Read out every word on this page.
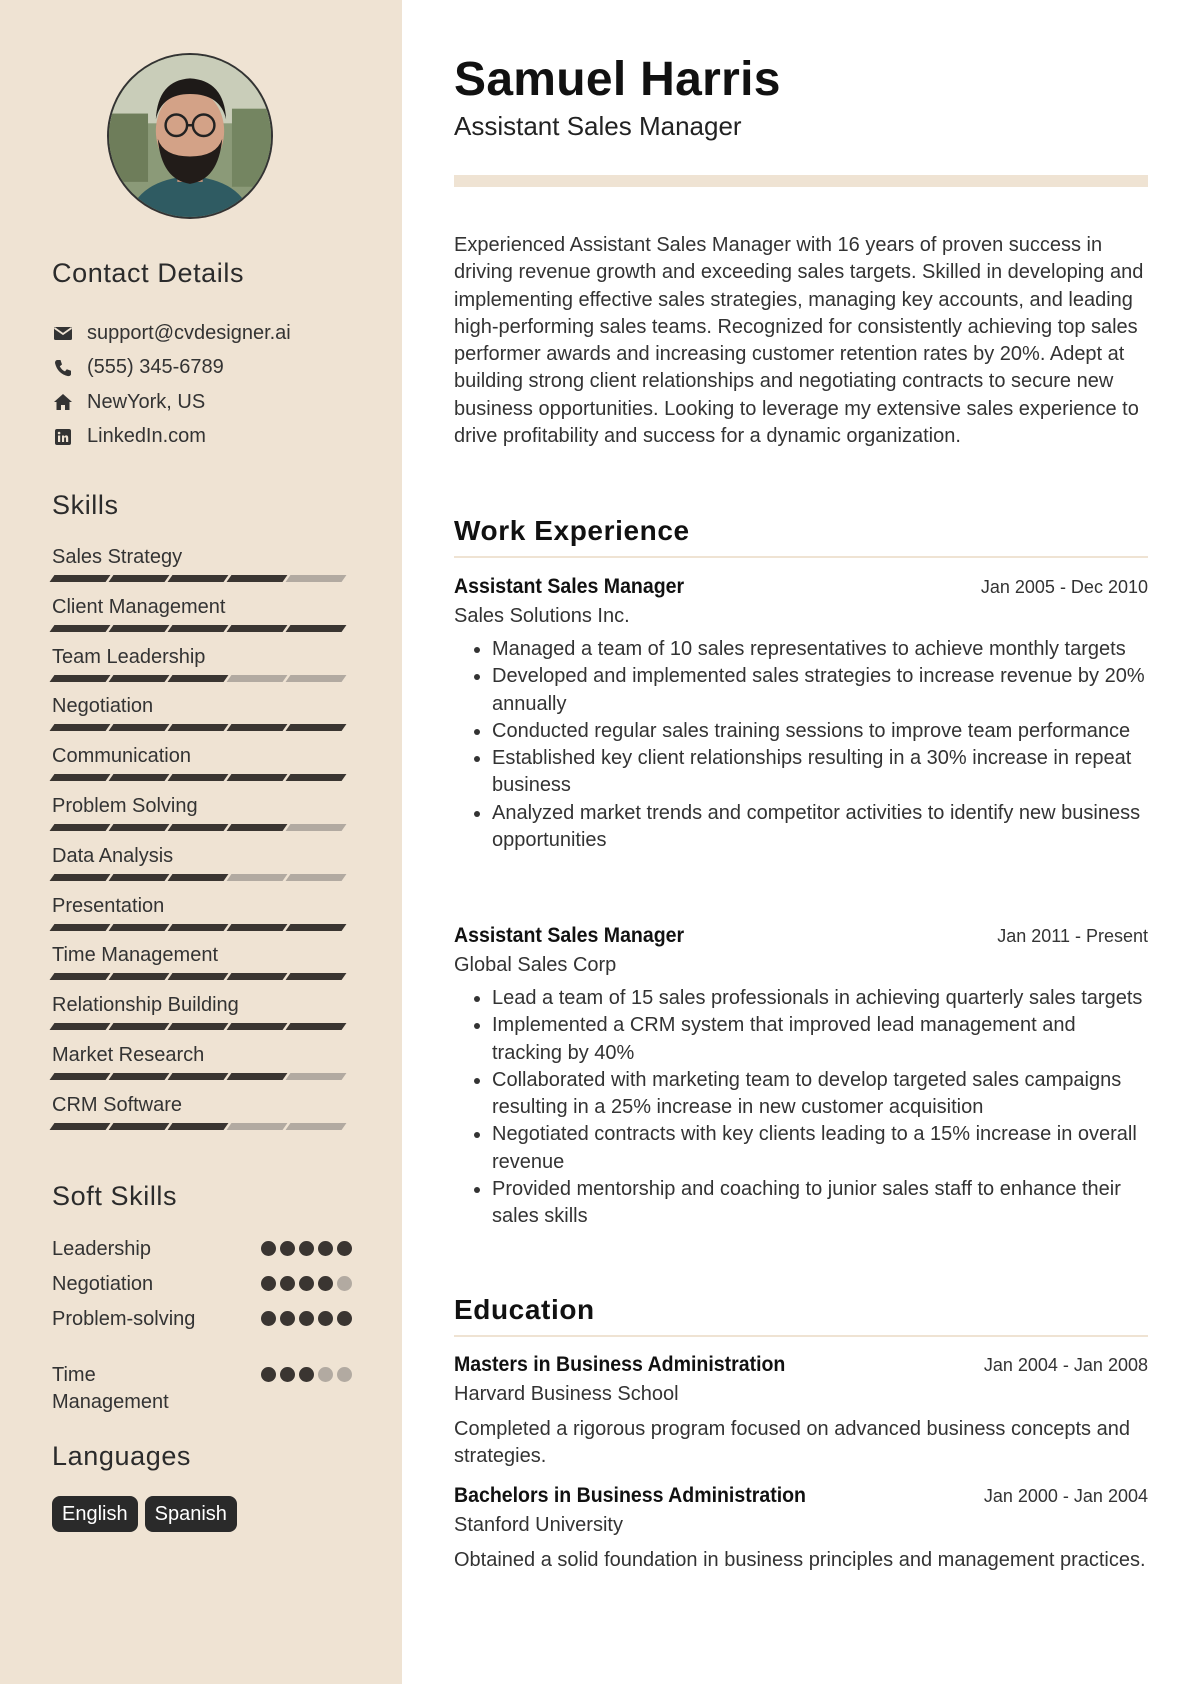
Contact Details
support@cvdesigner.ai
(555) 345-6789
NewYork, US
LinkedIn.com
Skills
Sales Strategy
Client Management
Team Leadership
Negotiation
Communication
Problem Solving
Data Analysis
Presentation
Time Management
Relationship Building
Market Research
CRM Software
Soft Skills
Leadership
Negotiation
Problem-solving
Time Management
Languages
English	Spanish
Samuel Harris
Assistant Sales Manager

Experienced Assistant Sales Manager with 16 years of proven success in driving revenue growth and exceeding sales targets. Skilled in developing and implementing effective sales strategies, managing key accounts, and leading high-performing sales teams. Recognized for consistently achieving top sales performer awards and increasing customer retention rates by 20%. Adept at building strong client relationships and negotiating contracts to secure new business opportunities. Looking to leverage my extensive sales experience to drive profitability and success for a dynamic organization.

Work Experience
Assistant Sales Manager	Jan 2005 - Dec 2010
Sales Solutions Inc.
• Managed a team of 10 sales representatives to achieve monthly targets
• Developed and implemented sales strategies to increase revenue by 20% annually
• Conducted regular sales training sessions to improve team performance
• Established key client relationships resulting in a 30% increase in repeat business
• Analyzed market trends and competitor activities to identify new business opportunities
Assistant Sales Manager	Jan 2011 - Present
Global Sales Corp
• Lead a team of 15 sales professionals in achieving quarterly sales targets
• Implemented a CRM system that improved lead management and tracking by 40%
• Collaborated with marketing team to develop targeted sales campaigns resulting in a 25% increase in new customer acquisition
• Negotiated contracts with key clients leading to a 15% increase in overall revenue
• Provided mentorship and coaching to junior sales staff to enhance their sales skills
Education
Masters in Business Administration	Jan 2004 - Jan 2008
Harvard Business School

Completed a rigorous program focused on advanced business concepts and strategies.

Bachelors in Business Administration	Jan 2000 - Jan 2004
Stanford University

Obtained a solid foundation in business principles and management practices.
